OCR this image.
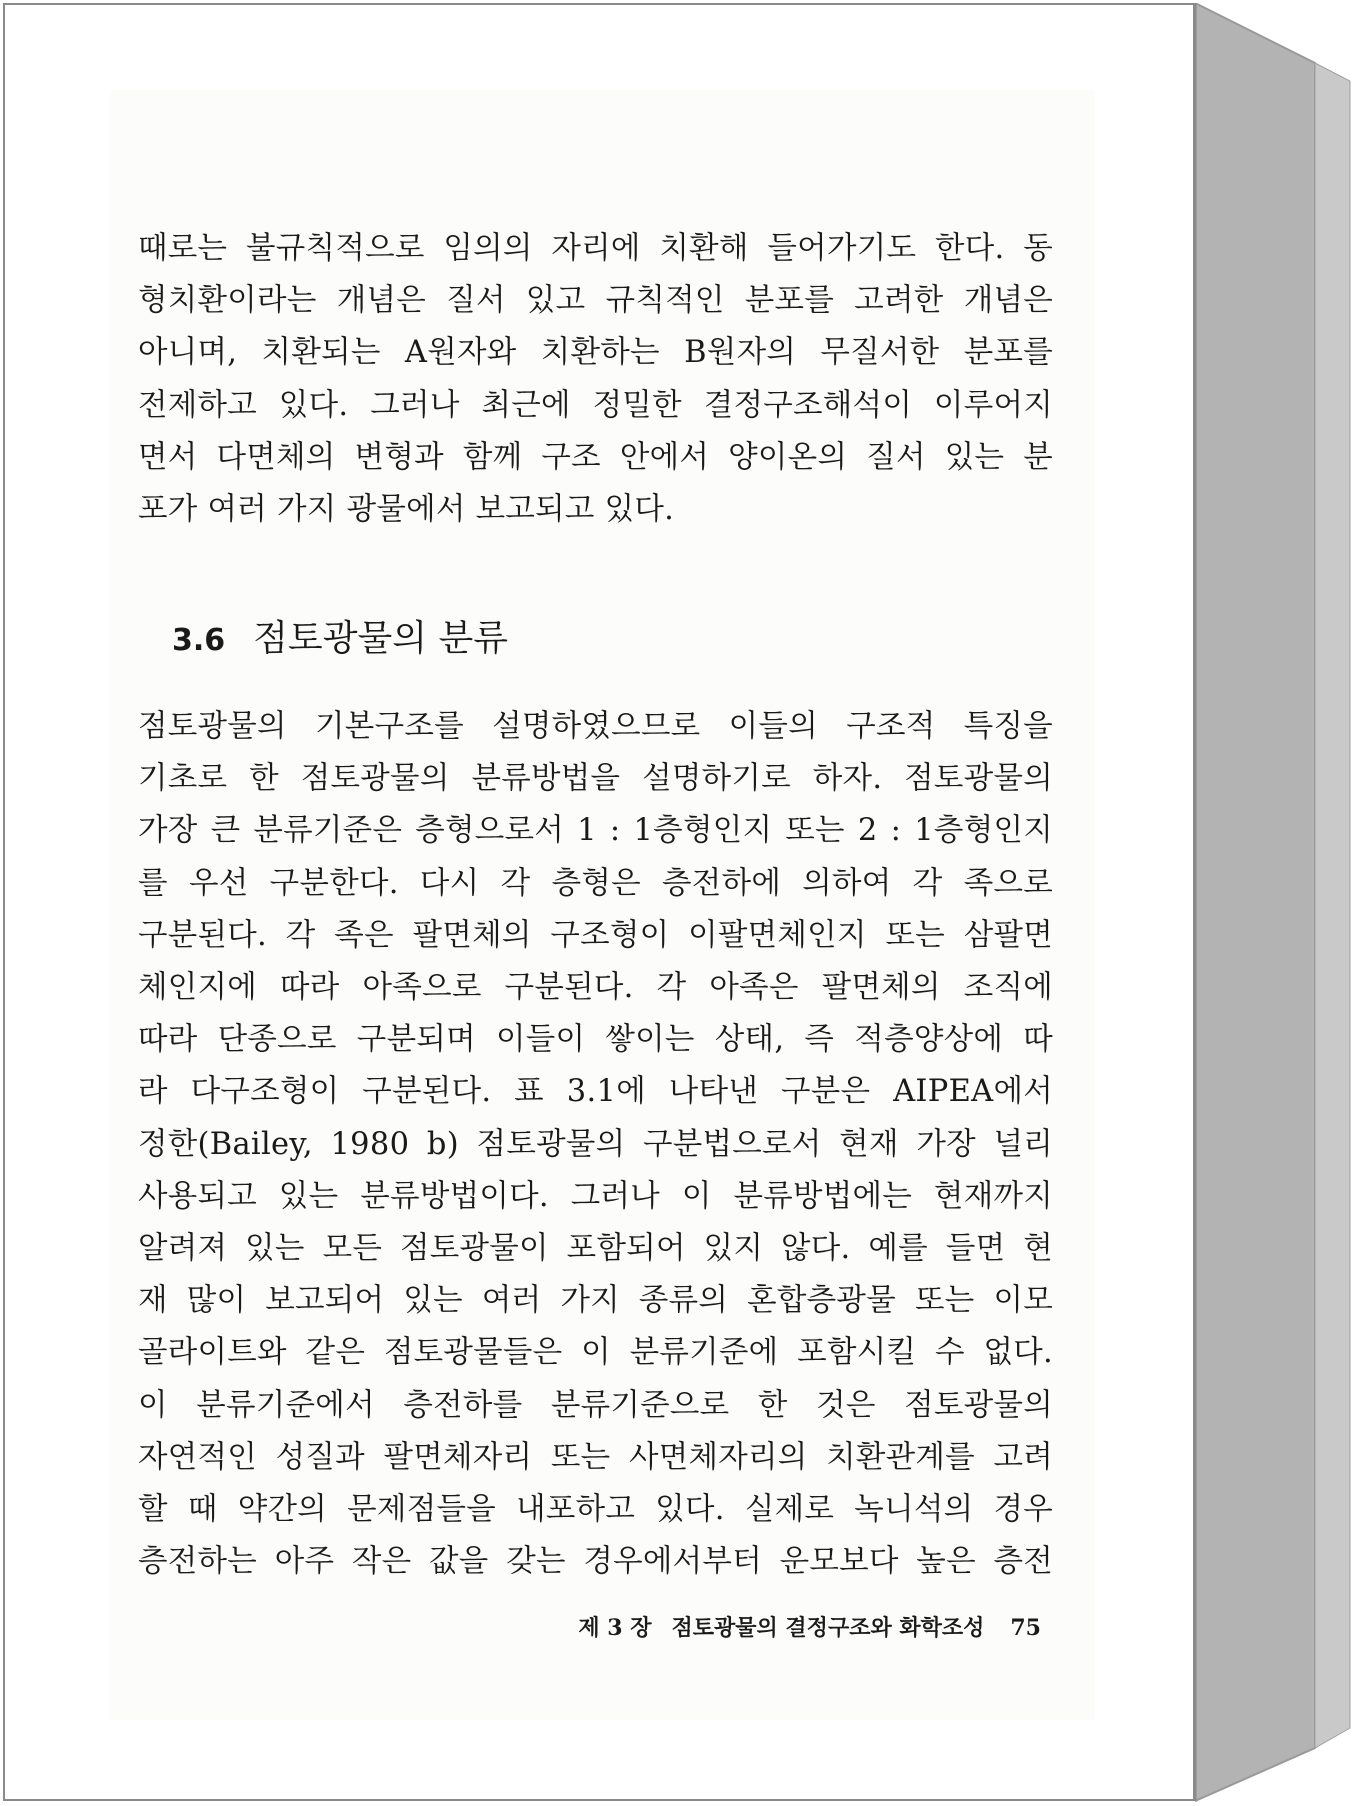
때로는 불규칙적으로 임의의 자리에 치환해 들어가기도 한다. 동
형치환이라는 개념은 질서 있고 규칙적인 분포를 고려한 개념은
아니며, 치환되는 A원자와 치환하는 B원자의 무질서한 분포를
전제하고 있다. 그러나 최근에 정밀한 결정구조해석이 이루어지
면서 다면체의 변형과 함께 구조 안에서 양이온의 질서 있는 분
포가 여러 가지 광물에서 보고되고 있다.
3.6 점토광물의 분류
점토광물의 기본구조를 설명하였으므로 이들의 구조적 특징을
기초로 한 점토광물의 분류방법을 설명하기로 하자. 점토광물의
가장 큰 분류기준은 층형으로서 1 : 1층형인지 또는 2 : 1층형인지
를 우선 구분한다. 다시 각 층형은 층전하에 의하여 각 족으로
구분된다. 각 족은 팔면체의 구조형이 이팔면체인지 또는 삼팔면
체인지에 따라 아족으로 구분된다. 각 아족은 팔면체의 조직에
따라 단종으로 구분되며 이들이 쌓이는 상태, 즉 적층양상에 따
라 다구조형이 구분된다. 표 3.1에 나타낸 구분은 AIPEA에서
정한(Bailey, 1980 b) 점토광물의 구분법으로서 현재 가장 널리
사용되고 있는 분류방법이다. 그러나 이 분류방법에는 현재까지
알려져 있는 모든 점토광물이 포함되어 있지 않다. 예를 들면 현
재 많이 보고되어 있는 여러 가지 종류의 혼합층광물 또는 이모
골라이트와 같은 점토광물들은 이 분류기준에 포함시킬 수 없다.
이 분류기준에서 층전하를 분류기준으로 한 것은 점토광물의
자연적인 성질과 팔면체자리 또는 사면체자리의 치환관계를 고려
할 때 약간의 문제점들을 내포하고 있다. 실제로 녹니석의 경우
층전하는 아주 작은 값을 갖는 경우에서부터 운모보다 높은 층전
제 3 장 점토광물의 결정구조와 화학조성 75
